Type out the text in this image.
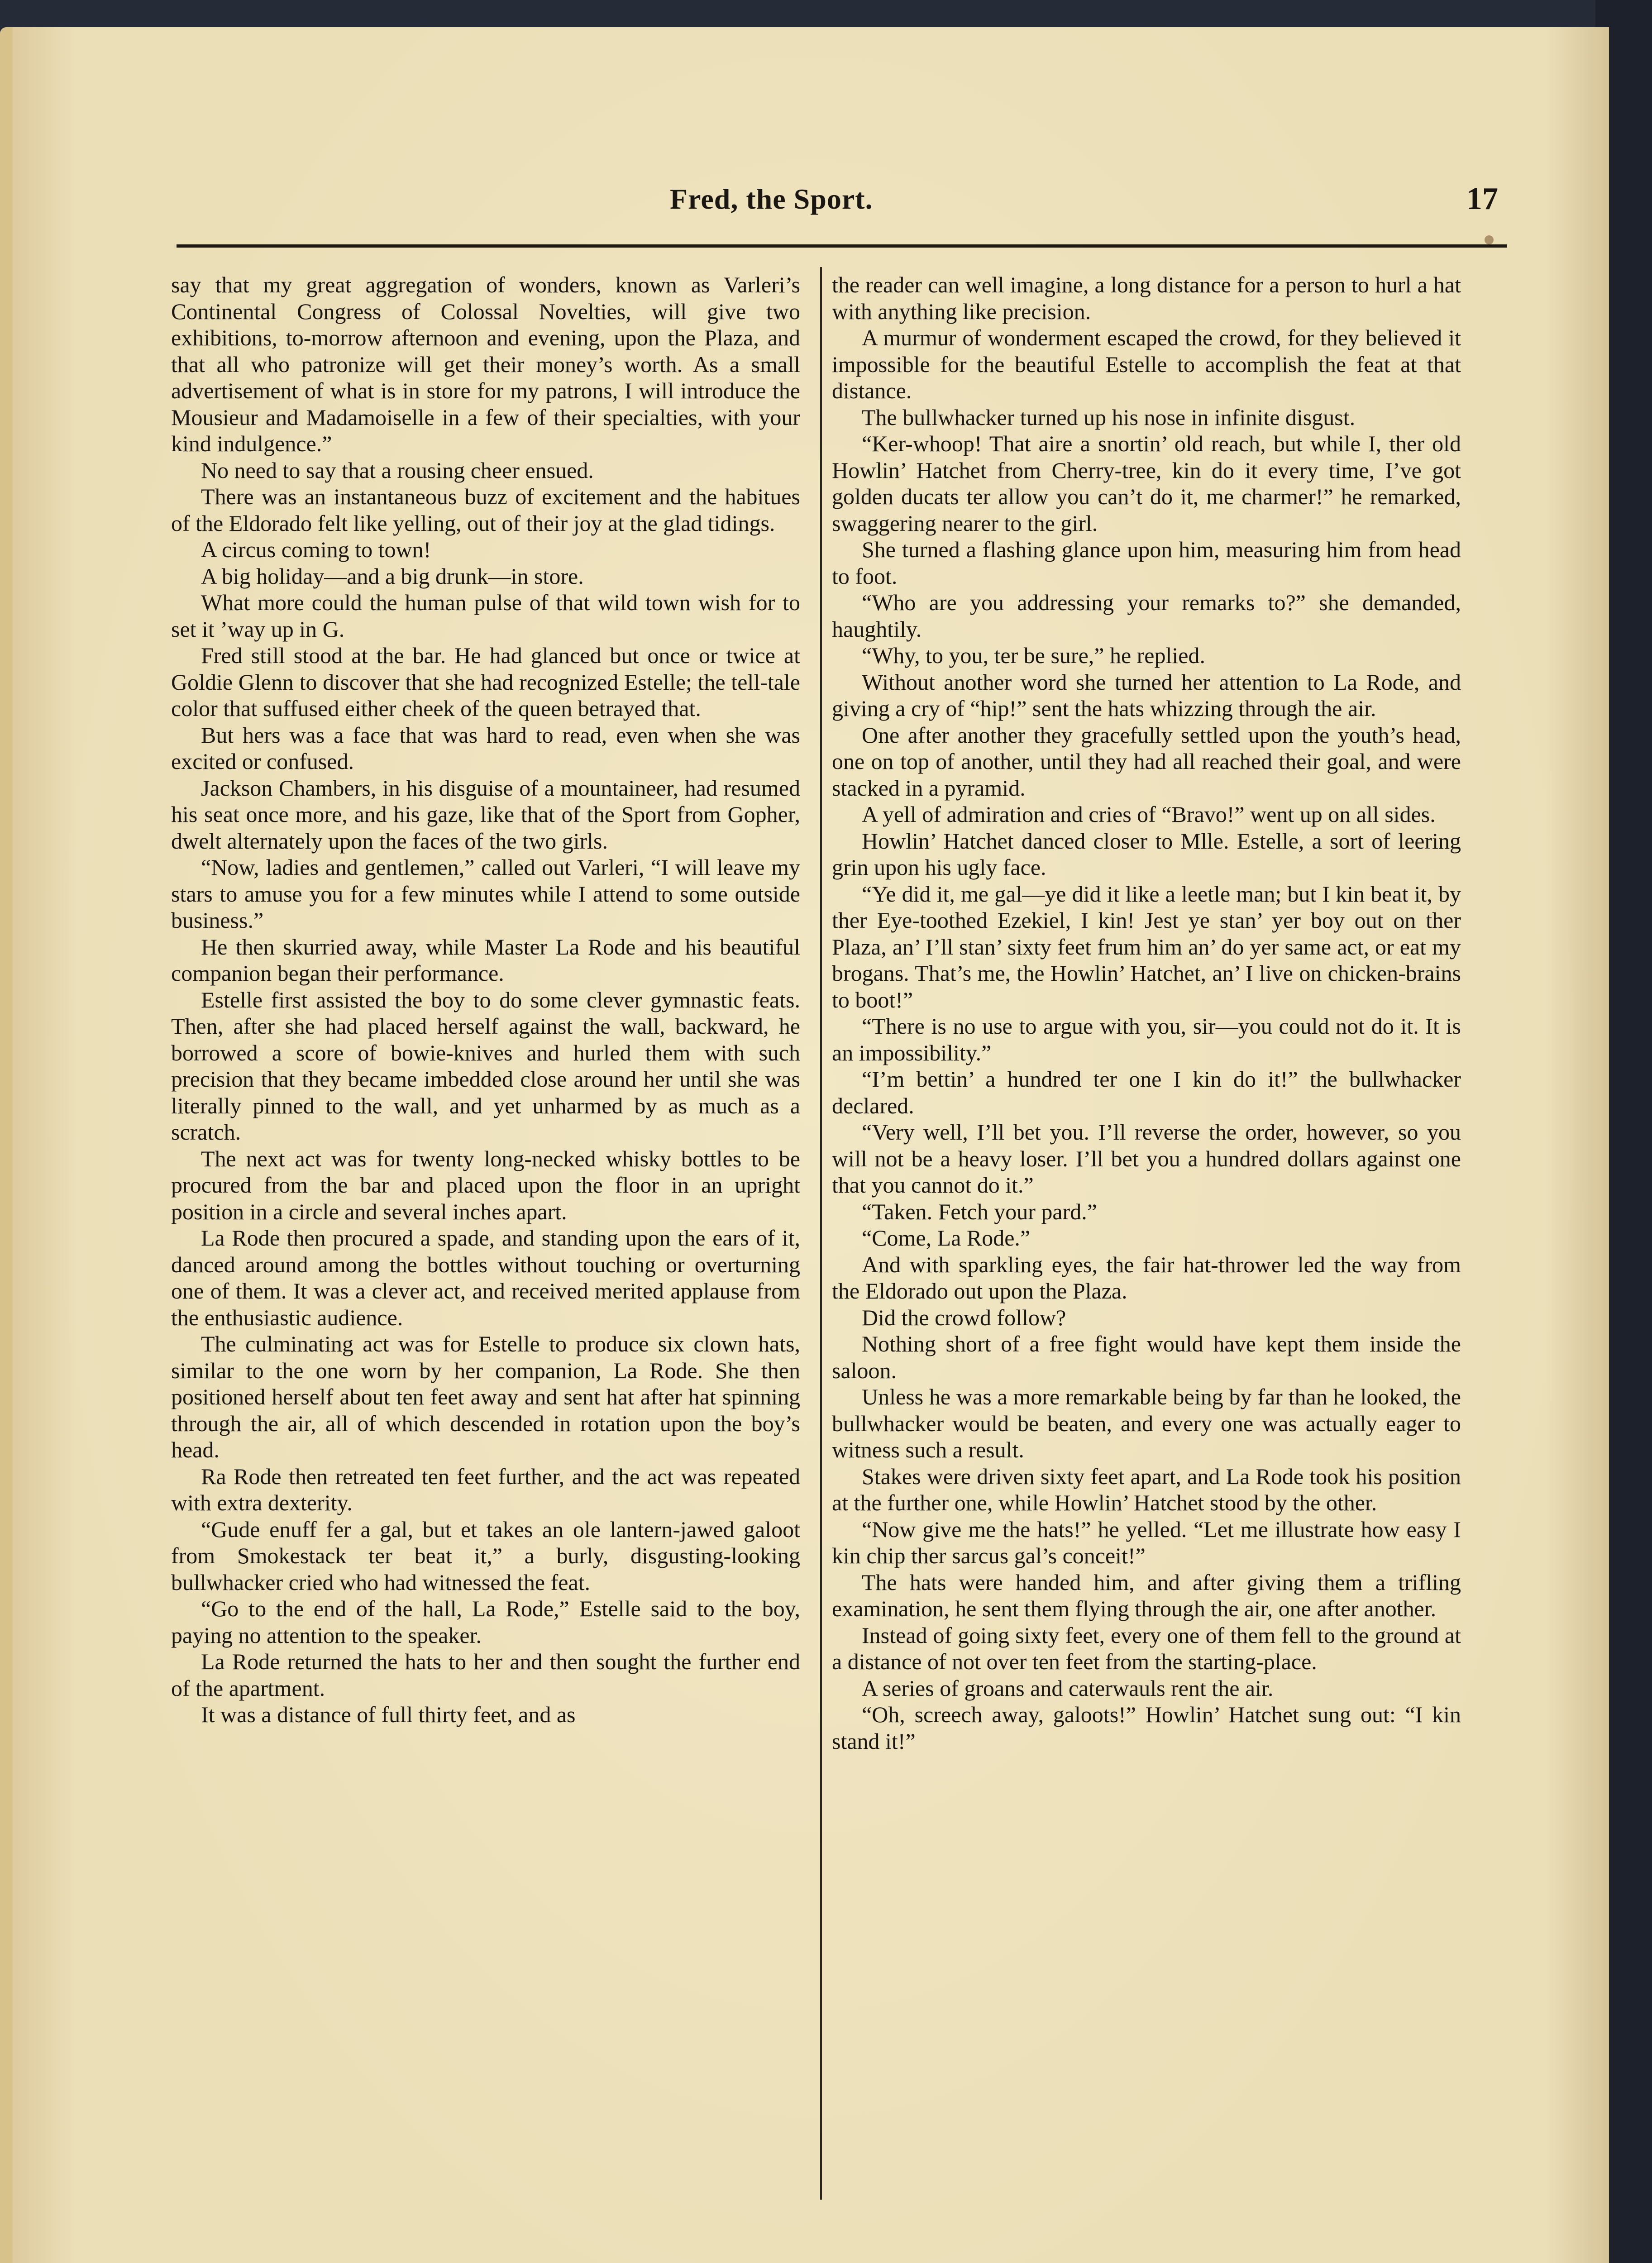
Fred, the Sport.	17

say that my great aggregation of wonders, known as Varleri’s Continental Congress of Colossal Novelties, will give two exhibitions, to-morrow afternoon and evening, upon the Plaza, and that all who patronize will get their money’s worth. As a small advertisement of what is in store for my patrons, I will introduce the Mousieur and Madamoiselle in a few of their specialties, with your kind indulgence.”

No need to say that a rousing cheer ensued.

There was an instantaneous buzz of excitement and the habitues of the Eldorado felt like yelling, out of their joy at the glad tidings.

A circus coming to town!

A big holiday—and a big drunk—in store.

What more could the human pulse of that wild town wish for to set it ’way up in G.

Fred still stood at the bar. He had glanced but once or twice at Goldie Glenn to discover that she had recognized Estelle; the tell-tale color that suffused either cheek of the queen betrayed that.

But hers was a face that was hard to read, even when she was excited or confused.

Jackson Chambers, in his disguise of a mountaineer, had resumed his seat once more, and his gaze, like that of the Sport from Gopher, dwelt alternately upon the faces of the two girls.

“Now, ladies and gentlemen,” called out Varleri, “I will leave my stars to amuse you for a few minutes while I attend to some outside business.”

He then skurried away, while Master La Rode and his beautiful companion began their performance.

Estelle first assisted the boy to do some clever gymnastic feats. Then, after she had placed herself against the wall, backward, he borrowed a score of bowie-knives and hurled them with such precision that they became imbedded close around her until she was literally pinned to the wall, and yet unharmed by as much as a scratch.

The next act was for twenty long-necked whisky bottles to be procured from the bar and placed upon the floor in an upright position in a circle and several inches apart.

La Rode then procured a spade, and standing upon the ears of it, danced around among the bottles without touching or overturning one of them. It was a clever act, and received merited applause from the enthusiastic audience.

The culminating act was for Estelle to produce six clown hats, similar to the one worn by her companion, La Rode. She then positioned herself about ten feet away and sent hat after hat spinning through the air, all of which descended in rotation upon the boy’s head.

Ra Rode then retreated ten feet further, and the act was repeated with extra dexterity.

“Gude enuff fer a gal, but et takes an ole lantern-jawed galoot from Smokestack ter beat it,” a burly, disgusting-looking bullwhacker cried who had witnessed the feat.

“Go to the end of the hall, La Rode,” Estelle said to the boy, paying no attention to the speaker.

La Rode returned the hats to her and then sought the further end of the apartment.

It was a distance of full thirty feet, and as

the reader can well imagine, a long distance for a person to hurl a hat with anything like precision.

A murmur of wonderment escaped the crowd, for they believed it impossible for the beautiful Estelle to accomplish the feat at that distance.

The bullwhacker turned up his nose in infinite disgust.

“Ker-whoop! That aire a snortin’ old reach, but while I, ther old Howlin’ Hatchet from Cherry-tree, kin do it every time, I’ve got golden ducats ter allow you can’t do it, me charmer!” he remarked, swaggering nearer to the girl.

She turned a flashing glance upon him, measuring him from head to foot.

“Who are you addressing your remarks to?” she demanded, haughtily.

“Why, to you, ter be sure,” he replied.

Without another word she turned her attention to La Rode, and giving a cry of “hip!” sent the hats whizzing through the air.

One after another they gracefully settled upon the youth’s head, one on top of another, until they had all reached their goal, and were stacked in a pyramid.

A yell of admiration and cries of “Bravo!” went up on all sides.

Howlin’ Hatchet danced closer to Mlle. Estelle, a sort of leering grin upon his ugly face.

“Ye did it, me gal—ye did it like a leetle man; but I kin beat it, by ther Eye-toothed Ezekiel, I kin! Jest ye stan’ yer boy out on ther Plaza, an’ I’ll stan’ sixty feet frum him an’ do yer same act, or eat my brogans. That’s me, the Howlin’ Hatchet, an’ I live on chicken-brains to boot!”

“There is no use to argue with you, sir—you could not do it. It is an impossibility.”

“I’m bettin’ a hundred ter one I kin do it!” the bullwhacker declared.

“Very well, I’ll bet you. I’ll reverse the order, however, so you will not be a heavy loser. I’ll bet you a hundred dollars against one that you cannot do it.”

“Taken. Fetch your pard.”

“Come, La Rode.”

And with sparkling eyes, the fair hat-thrower led the way from the Eldorado out upon the Plaza.

Did the crowd follow?

Nothing short of a free fight would have kept them inside the saloon.

Unless he was a more remarkable being by far than he looked, the bullwhacker would be beaten, and every one was actually eager to witness such a result.

Stakes were driven sixty feet apart, and La Rode took his position at the further one, while Howlin’ Hatchet stood by the other.

“Now give me the hats!” he yelled. “Let me illustrate how easy I kin chip ther sarcus gal’s conceit!”

The hats were handed him, and after giving them a trifling examination, he sent them flying through the air, one after another.

Instead of going sixty feet, every one of them fell to the ground at a distance of not over ten feet from the starting-place.

A series of groans and caterwauls rent the air.

“Oh, screech away, galoots!” Howlin’ Hatchet sung out: “I kin stand it!”
